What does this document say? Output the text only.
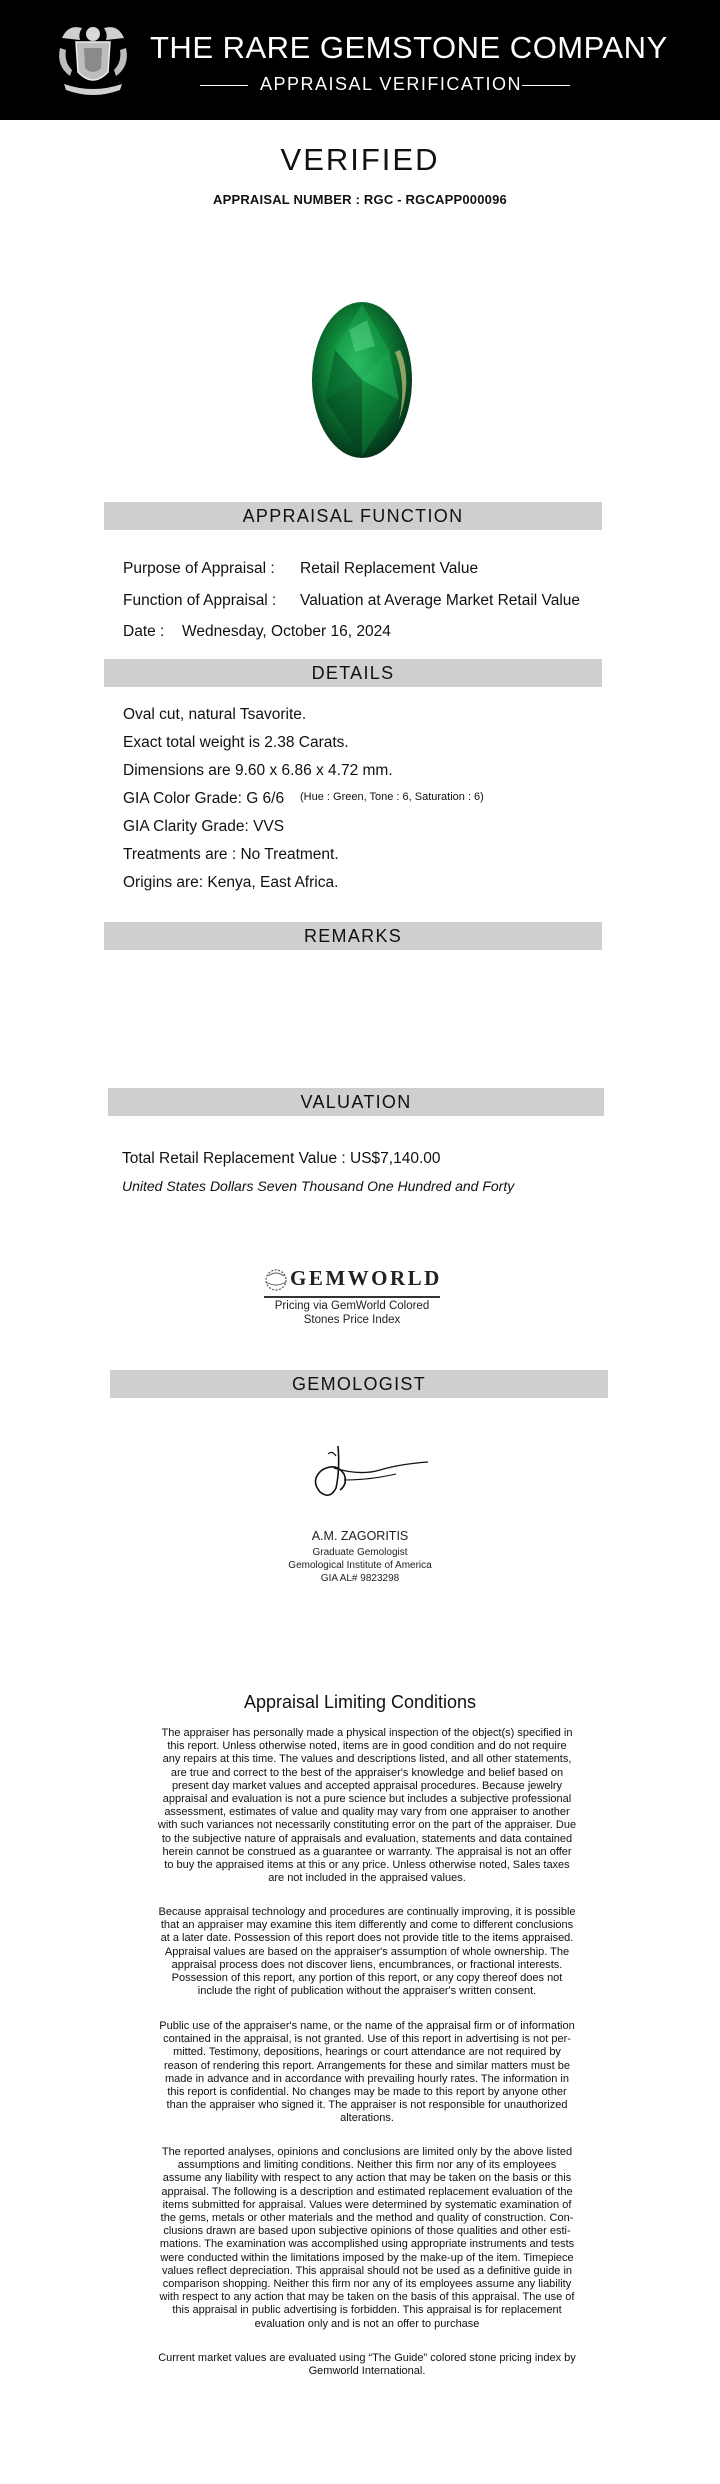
THE RARE GEMSTONE COMPANY
APPRAISAL VERIFICATION
VERIFIED
APPRAISAL NUMBER : RGC - RGCAPP000096
APPRAISAL FUNCTION
Purpose of Appraisal : Retail Replacement Value
Function of Appraisal : Valuation at Average Market Retail Value
Date : Wednesday, October 16, 2024
DETAILS
Oval cut, natural Tsavorite.
Exact total weight is 2.38 Carats.
Dimensions are 9.60 x 6.86 x 4.72 mm.
GIA Color Grade: G 6/6 (Hue : Green, Tone : 6, Saturation : 6)
GIA Clarity Grade: VVS
Treatments are : No Treatment.
Origins are: Kenya, East Africa.
REMARKS
VALUATION
Total Retail Replacement Value : US$7,140.00
United States Dollars Seven Thousand One Hundred and Forty
GEMWORLD
Pricing via GemWorld Colored
Stones Price Index
GEMOLOGIST
A.M. ZAGORITIS
Graduate Gemologist
Gemological Institute of America
GIA AL# 9823298
Appraisal Limiting Conditions
The appraiser has personally made a physical inspection of the object(s) specified in
this report. Unless otherwise noted, items are in good condition and do not require
any repairs at this time. The values and descriptions listed, and all other statements,
are true and correct to the best of the appraiser's knowledge and belief based on
present day market values and accepted appraisal procedures. Because jewelry
appraisal and evaluation is not a pure science but includes a subjective professional
assessment, estimates of value and quality may vary from one appraiser to another
with such variances not necessarily constituting error on the part of the appraiser. Due
to the subjective nature of appraisals and evaluation, statements and data contained
herein cannot be construed as a guarantee or warranty. The appraisal is not an offer
to buy the appraised items at this or any price. Unless otherwise noted, Sales taxes
are not included in the appraised values.
Because appraisal technology and procedures are continually improving, it is possible
that an appraiser may examine this item differently and come to different conclusions
at a later date. Possession of this report does not provide title to the items appraised.
Appraisal values are based on the appraiser's assumption of whole ownership. The
appraisal process does not discover liens, encumbrances, or fractional interests.
Possession of this report, any portion of this report, or any copy thereof does not
include the right of publication without the appraiser's written consent.
Public use of the appraiser's name, or the name of the appraisal firm or of information
contained in the appraisal, is not granted. Use of this report in advertising is not per-
mitted. Testimony, depositions, hearings or court attendance are not required by
reason of rendering this report. Arrangements for these and similar matters must be
made in advance and in accordance with prevailing hourly rates. The information in
this report is confidential. No changes may be made to this report by anyone other
than the appraiser who signed it. The appraiser is not responsible for unauthorized
alterations.
The reported analyses, opinions and conclusions are limited only by the above listed
assumptions and limiting conditions. Neither this firm nor any of its employees
assume any liability with respect to any action that may be taken on the basis or this
appraisal. The following is a description and estimated replacement evaluation of the
items submitted for appraisal. Values were determined by systematic examination of
the gems, metals or other materials and the method and quality of construction. Con-
clusions drawn are based upon subjective opinions of those qualities and other esti-
mations. The examination was accomplished using appropriate instruments and tests
were conducted within the limitations imposed by the make-up of the item. Timepiece
values reflect depreciation. This appraisal should not be used as a definitive guide in
comparison shopping. Neither this firm nor any of its employees assume any liability
with respect to any action that may be taken on the basis of this appraisal. The use of
this appraisal in public advertising is forbidden. This appraisal is for replacement
evaluation only and is not an offer to purchase
Current market values are evaluated using “The Guide” colored stone pricing index by
Gemworld International.
